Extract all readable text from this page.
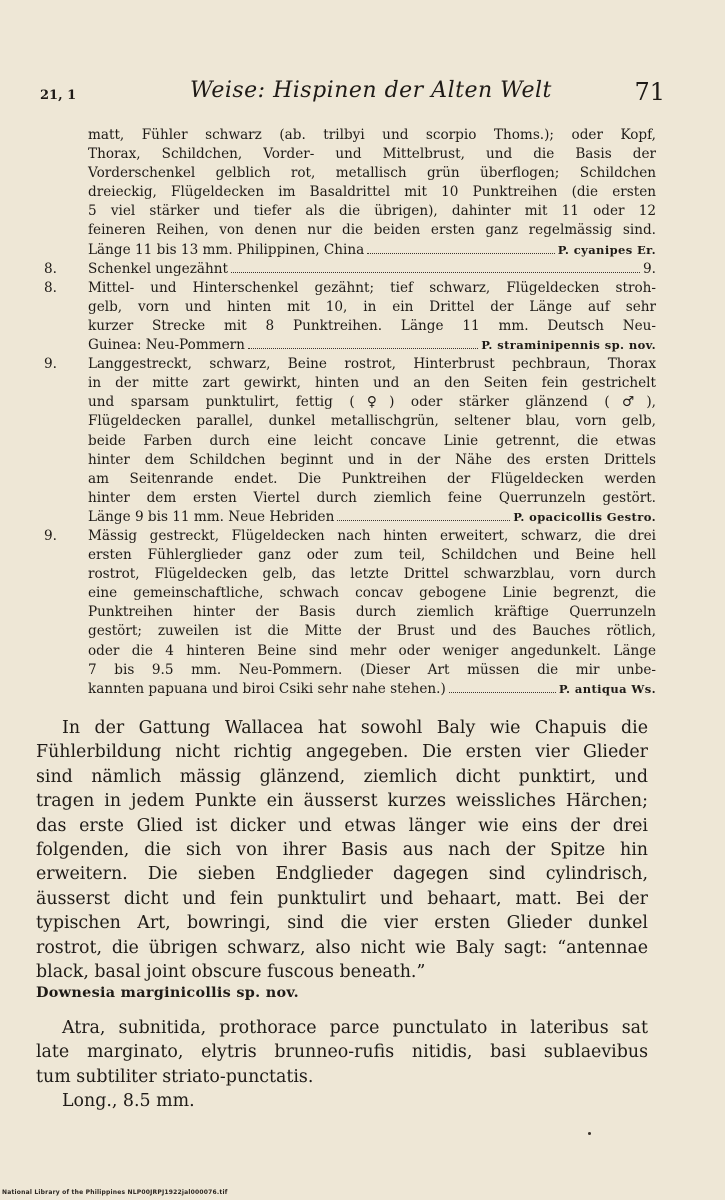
21, 1	Weise: Hispinen der Alten Welt	71
matt, Fühler schwarz (ab. trilbyi und scorpio Thoms.); oder Kopf,
Thorax, Schildchen, Vorder- und Mittelbrust, und die Basis der
Vorderschenkel gelblich rot, metallisch grün überflogen; Schildchen
dreieckig, Flügeldecken im Basaldrittel mit 10 Punktreihen (die ersten
5 viel stärker und tiefer als die übrigen), dahinter mit 11 oder 12
feineren Reihen, von denen nur die beiden ersten ganz regelmässig sind.
Länge 11 bis 13 mm. Philippinen, China	P. cyanipes Er.
8. Schenkel ungezähnt	9.
8. Mittel- und Hinterschenkel gezähnt; tief schwarz, Flügeldecken stroh-
gelb, vorn und hinten mit 10, in ein Drittel der Länge auf sehr
kurzer Strecke mit 8 Punktreihen. Länge 11 mm. Deutsch Neu-
Guinea: Neu-Pommern	P. straminipennis sp. nov.
9. Langgestreckt, schwarz, Beine rostrot, Hinterbrust pechbraun, Thorax
in der mitte zart gewirkt, hinten und an den Seiten fein gestrichelt
und sparsam punktulirt, fettig (♀) oder stärker glänzend (♂),
Flügeldecken parallel, dunkel metallischgrün, seltener blau, vorn gelb,
beide Farben durch eine leicht concave Linie getrennt, die etwas
hinter dem Schildchen beginnt und in der Nähe des ersten Drittels
am Seitenrande endet. Die Punktreihen der Flügeldecken werden
hinter dem ersten Viertel durch ziemlich feine Querrunzeln gestört.
Länge 9 bis 11 mm. Neue Hebriden	P. opacicollis Gestro.
9. Mässig gestreckt, Flügeldecken nach hinten erweitert, schwarz, die drei
ersten Fühlerglieder ganz oder zum teil, Schildchen und Beine hell
rostrot, Flügeldecken gelb, das letzte Drittel schwarzblau, vorn durch
eine gemeinschaftliche, schwach concav gebogene Linie begrenzt, die
Punktreihen hinter der Basis durch ziemlich kräftige Querrunzeln
gestört; zuweilen ist die Mitte der Brust und des Bauches rötlich,
oder die 4 hinteren Beine sind mehr oder weniger angedunkelt. Länge
7 bis 9.5 mm. Neu-Pommern. (Dieser Art müssen die mir unbe-
kannten papuana und biroi Csiki sehr nahe stehen.)	P. antiqua Ws.
In der Gattung Wallacea hat sowohl Baly wie Chapuis die
Fühlerbildung nicht richtig angegeben. Die ersten vier Glieder
sind nämlich mässig glänzend, ziemlich dicht punktirt, und
tragen in jedem Punkte ein äusserst kurzes weissliches Härchen;
das erste Glied ist dicker und etwas länger wie eins der drei
folgenden, die sich von ihrer Basis aus nach der Spitze hin
erweitern. Die sieben Endglieder dagegen sind cylindrisch,
äusserst dicht und fein punktulirt und behaart, matt. Bei der
typischen Art, bowringi, sind die vier ersten Glieder dunkel
rostrot, die übrigen schwarz, also nicht wie Baly sagt: “antennae
black, basal joint obscure fuscous beneath.”
Downesia marginicollis sp. nov.
Atra, subnitida, prothorace parce punctulato in lateribus sat
late marginato, elytris brunneo-rufis nitidis, basi sublaevibus
tum subtiliter striato-punctatis.
Long., 8.5 mm.
National Library of the Philippines NLP00JRPJ1922jal000076.tif
